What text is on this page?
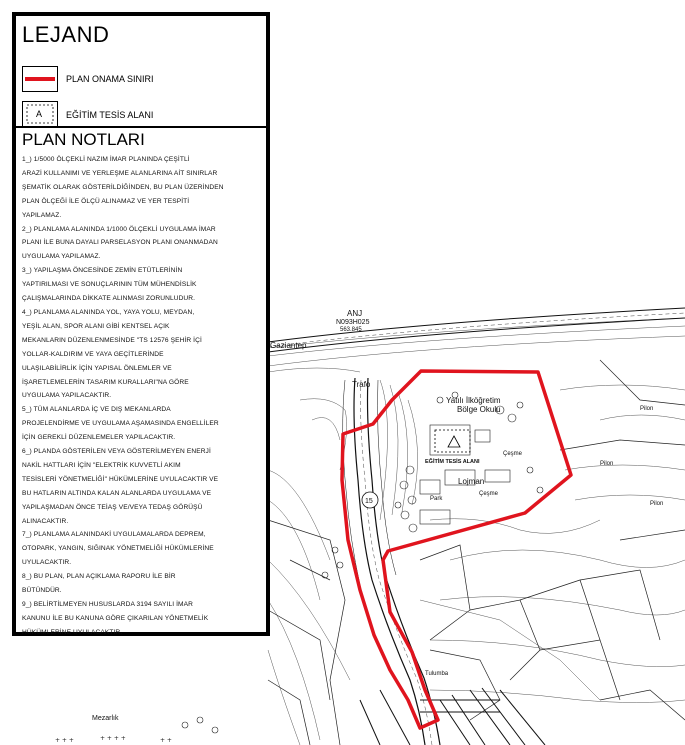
ANJ
N093H025
563.845
Gaziantep
Trafo
Yatılı İlköğretim
Bölge Okulu
EĞİTİM TESİS ALANI
Lojman
Çeşme
Çeşme
Pilon
Pilon
Pilon
Park
Mezarlık
Tulumba
15
+ + +	+ + + +	+ +
LEJAND
PLAN ONAMA SINIRI
A	EĞİTİM TESİS ALANI
PLAN NOTLARI
1_) 1/5000 ÖLÇEKLİ NAZIM İMAR PLANINDA ÇEŞİTLİ
ARAZİ KULLANIMI VE YERLEŞME ALANLARINA AİT SINIRLAR
ŞEMATİK OLARAK GÖSTERİLDİĞİNDEN, BU PLAN ÜZERİNDEN
PLAN ÖLÇEĞİ İLE ÖLÇÜ ALINAMAZ VE YER TESPİTİ
YAPILAMAZ.
2_) PLANLAMA ALANINDA 1/1000 ÖLÇEKLİ UYGULAMA İMAR
PLANI İLE BUNA DAYALI PARSELASYON PLANI ONANMADAN
UYGULAMA YAPILAMAZ.
3_) YAPILAŞMA ÖNCESİNDE ZEMİN ETÜTLERİNİN
YAPTIRILMASI VE SONUÇLARININ TÜM MÜHENDİSLİK
ÇALIŞMALARINDA DİKKATE ALINMASI ZORUNLUDUR.
4_) PLANLAMA ALANINDA YOL, YAYA YOLU, MEYDAN,
YEŞİL ALAN, SPOR ALANI GİBİ KENTSEL AÇIK
MEKANLARIN DÜZENLENMESİNDE "TS 12576 ŞEHİR İÇİ
YOLLAR-KALDIRIM VE YAYA GEÇİTLERİNDE
ULAŞILABİLİRLİK İÇİN YAPISAL ÖNLEMLER VE
İŞARETLEMELERİN TASARIM KURALLARI"NA GÖRE
UYGULAMA YAPILACAKTIR.
5_) TÜM ALANLARDA İÇ VE DIŞ MEKANLARDA
PROJELENDİRME VE UYGULAMA AŞAMASINDA ENGELLİLER
İÇİN GEREKLİ DÜZENLEMELER YAPILACAKTIR.
6_) PLANDA GÖSTERİLEN VEYA GÖSTERİLMEYEN ENERJİ
NAKİL HATTLARI İÇİN "ELEKTRİK KUVVETLİ AKIM
TESİSLERİ YÖNETMELİĞİ" HÜKÜMLERİNE UYULACAKTIR VE
BU HATLARIN ALTINDA KALAN ALANLARDA UYGULAMA VE
YAPILAŞMADAN ÖNCE TEİAŞ VE/VEYA TEDAŞ GÖRÜŞÜ
ALINACAKTIR.
7_) PLANLAMA ALANINDAKİ UYGULAMALARDA DEPREM,
OTOPARK, YANGIN, SIĞINAK YÖNETMELİĞİ HÜKÜMLERİNE
UYULACAKTIR.
8_) BU PLAN, PLAN AÇIKLAMA RAPORU İLE BİR
BÜTÜNDÜR.
9_) BELİRTİLMEYEN HUSUSLARDA 3194 SAYILI İMAR
KANUNU İLE BU KANUNA GÖRE ÇIKARILAN YÖNETMELİK
HÜKÜMLERİNE UYULACAKTIR.
